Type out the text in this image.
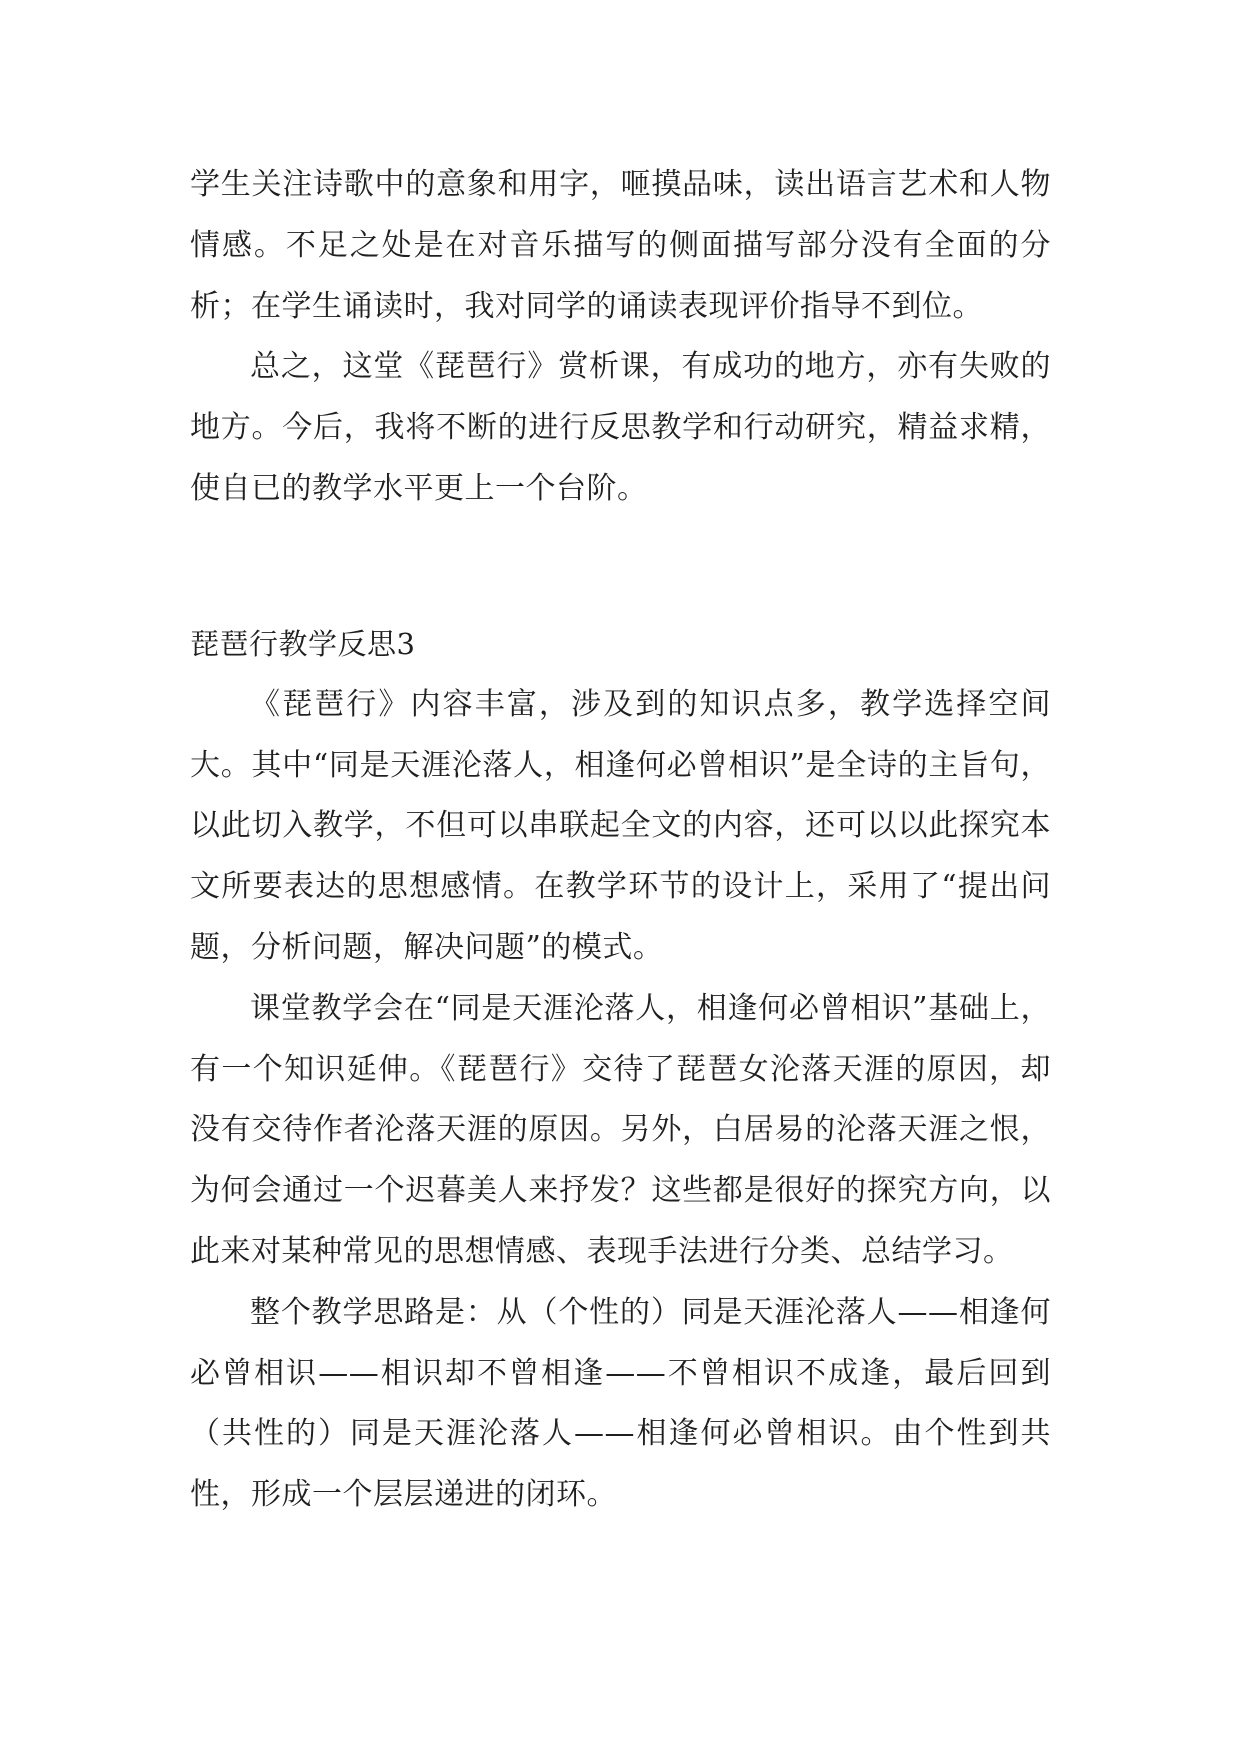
学生关注诗歌中的意象和用字，咂摸品味，读出语言艺术和人物情感。不足之处是在对音乐描写的侧面描写部分没有全面的分析；在学生诵读时，我对同学的诵读表现评价指导不到位。

总之，这堂《琵琶行》赏析课，有成功的地方，亦有失败的地方。今后，我将不断的进行反思教学和行动研究，精益求精，使自已的教学水平更上一个台阶。

琵琶行教学反思3

《琵琶行》内容丰富，涉及到的知识点多，教学选择空间大。其中“同是天涯沦落人，相逢何必曾相识”是全诗的主旨句，以此切入教学，不但可以串联起全文的内容，还可以以此探究本文所要表达的思想感情。在教学环节的设计上，采用了“提出问题，分析问题，解决问题”的模式。

课堂教学会在“同是天涯沦落人，相逢何必曾相识”基础上，有一个知识延伸。《琵琶行》交待了琵琶女沦落天涯的原因，却没有交待作者沦落天涯的原因。另外，白居易的沦落天涯之恨，为何会通过一个迟暮美人来抒发？这些都是很好的探究方向，以此来对某种常见的思想情感、表现手法进行分类、总结学习。

整个教学思路是：从（个性的）同是天涯沦落人——相逢何必曾相识——相识却不曾相逢——不曾相识不成逢，最后回到（共性的）同是天涯沦落人——相逢何必曾相识。由个性到共性，形成一个层层递进的闭环。
